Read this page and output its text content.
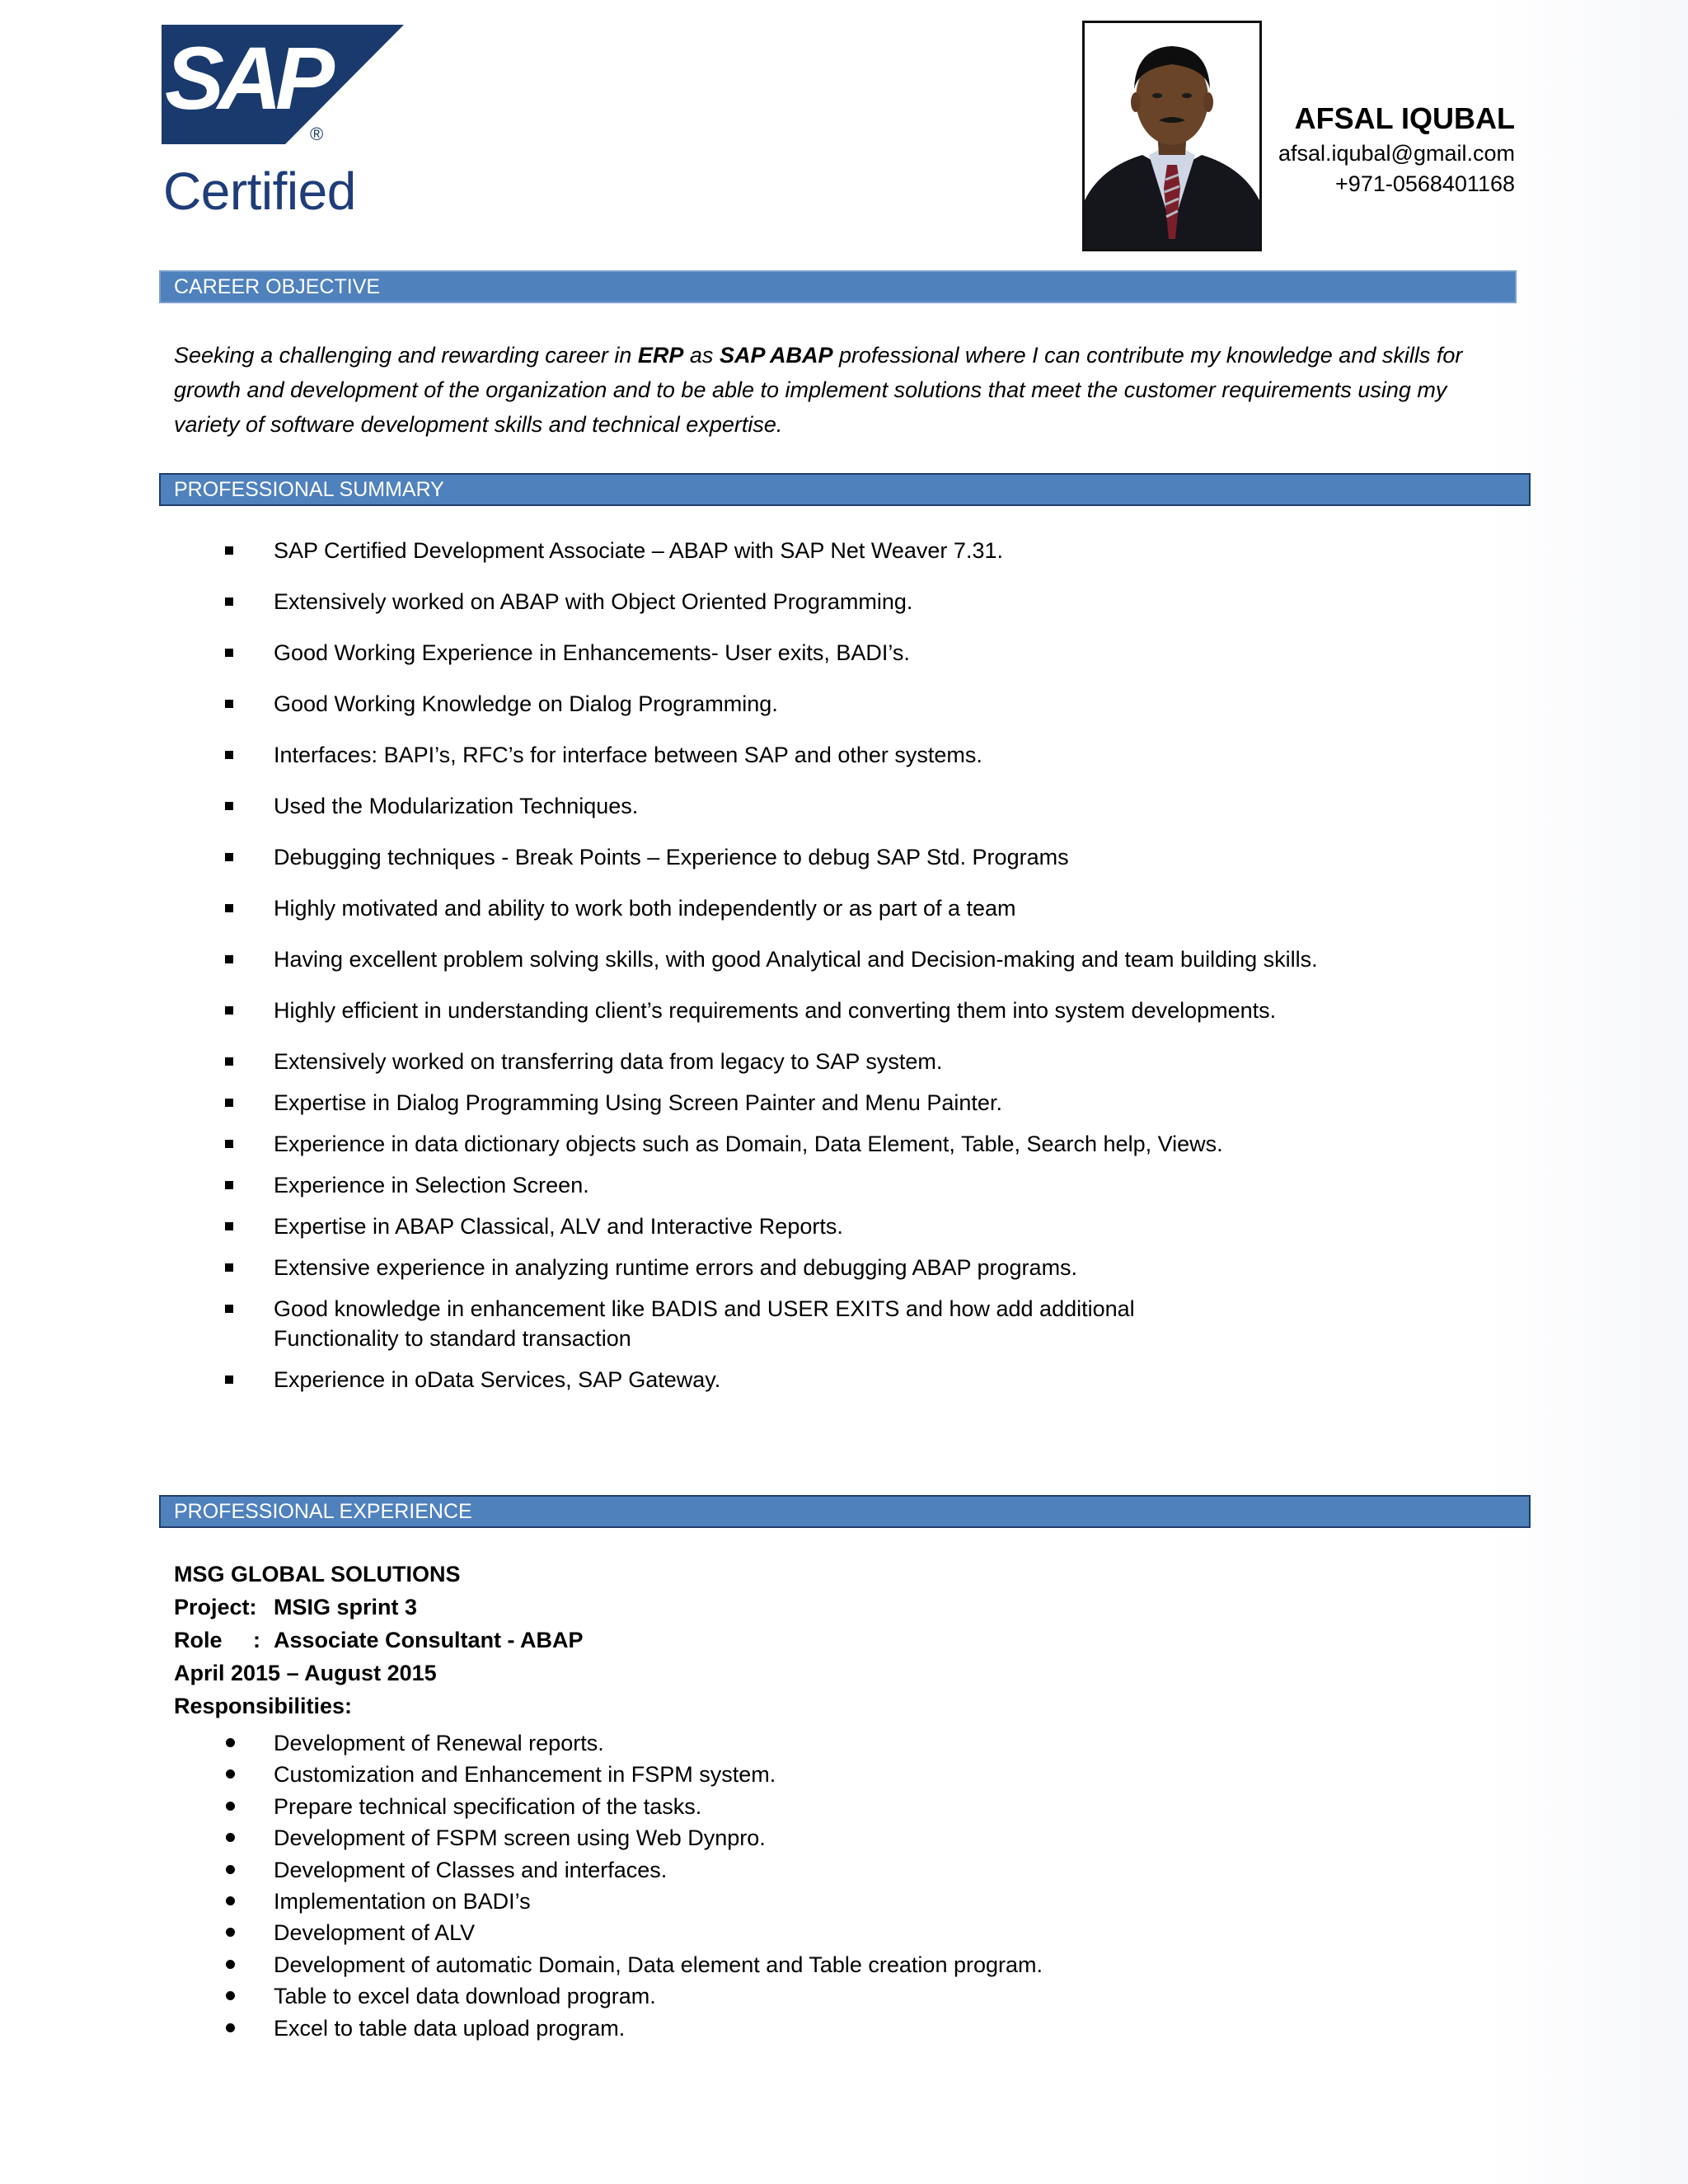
SAP
®
Certified
AFSAL IQUBAL
afsal.iqubal@gmail.com
+971-0568401168
CAREER OBJECTIVE
Seeking a challenging and rewarding career in ERP as SAP ABAP professional where I can contribute my knowledge and skills for growth and development of the organization and to be able to implement solutions that meet the customer requirements using my variety of software development skills and technical expertise.
PROFESSIONAL SUMMARY
SAP Certified Development Associate – ABAP with SAP Net Weaver 7.31.
Extensively worked on ABAP with Object Oriented Programming.
Good Working Experience in Enhancements- User exits, BADI’s.
Good Working Knowledge on Dialog Programming.
Interfaces: BAPI’s, RFC’s for interface between SAP and other systems.
Used the Modularization Techniques.
Debugging techniques - Break Points – Experience to debug SAP Std. Programs
Highly motivated and ability to work both independently or as part of a team
Having excellent problem solving skills, with good Analytical and Decision-making and team building skills.
Highly efficient in understanding client’s requirements and converting them into system developments.
Extensively worked on transferring data from legacy to SAP system.
Expertise in Dialog Programming Using Screen Painter and Menu Painter.
Experience in data dictionary objects such as Domain, Data Element, Table, Search help, Views.
Experience in Selection Screen.
Expertise in ABAP Classical, ALV and Interactive Reports.
Extensive experience in analyzing runtime errors and debugging ABAP programs.
Good knowledge in enhancement like BADIS and USER EXITS and how add additional
Functionality to standard transaction
Experience in oData Services, SAP Gateway.
PROFESSIONAL EXPERIENCE
MSG GLOBAL SOLUTIONS
Project: MSIG sprint 3
Role     : Associate Consultant - ABAP
April 2015 – August 2015
Responsibilities:
Development of Renewal reports.
Customization and Enhancement in FSPM system.
Prepare technical specification of the tasks.
Development of FSPM screen using Web Dynpro.
Development of Classes and interfaces.
Implementation on BADI’s
Development of ALV
Development of automatic Domain, Data element and Table creation program.
Table to excel data download program.
Excel to table data upload program.
